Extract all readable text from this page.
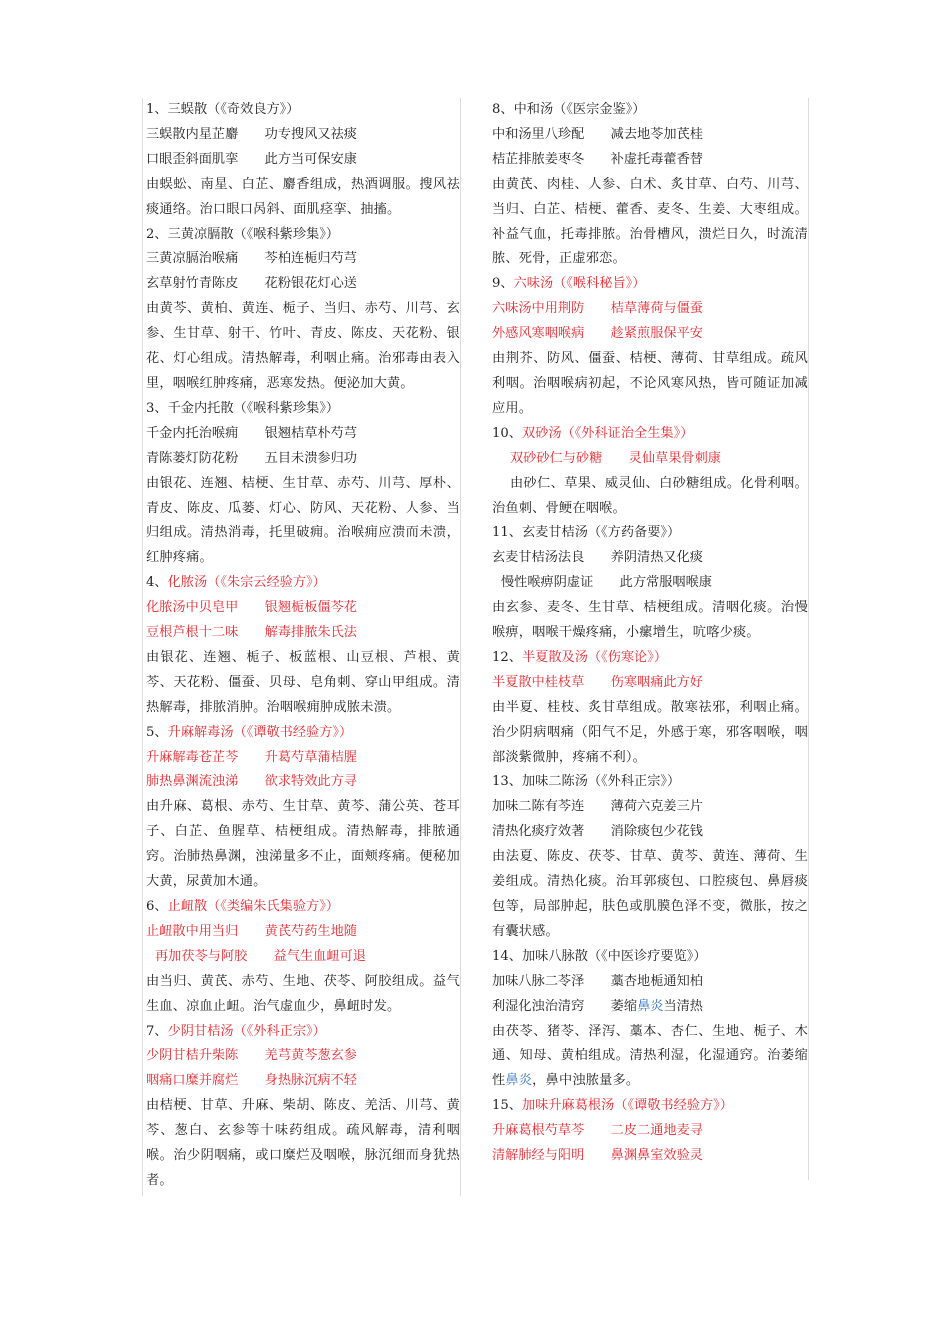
1、三蜈散（《奇效良方》）
三蜈散内星芷麝　　功专搜风又祛痰
口眼歪斜面肌挛　　此方当可保安康

由蜈蚣、南星、白芷、麝香组成，热酒调服。搜风祛痰通络。治口眼口呙斜、面肌痉挛、抽搐。

2、三黄凉膈散（《喉科紫珍集》）
三黄凉膈治喉痛　　芩柏连栀归芍芎
玄草射竹青陈皮　　花粉银花灯心送

由黄芩、黄柏、黄连、栀子、当归、赤芍、川芎、玄参、生甘草、射干、竹叶、青皮、陈皮、天花粉、银花、灯心组成。清热解毒，利咽止痛。治邪毒由表入里，咽喉红肿疼痛，恶寒发热。便泌加大黄。

3、千金内托散（《喉科紫珍集》）
千金内托治喉痈　　银翘桔草朴芍芎
青陈蒌灯防花粉　　五目未溃参归功

由银花、连翘、桔梗、生甘草、赤芍、川芎、厚朴、青皮、陈皮、瓜蒌、灯心、防风、天花粉、人参、当归组成。清热消毒，托里破痈。治喉痈应溃而未溃，红肿疼痛。

4、化脓汤（《朱宗云经验方》）
化脓汤中贝皂甲　　银翘栀板僵芩花
豆根芦根十二味　　解毒排脓朱氏法

由银花、连翘、栀子、板蓝根、山豆根、芦根、黄芩、天花粉、僵蚕、贝母、皂角刺、穿山甲组成。清热解毒，排脓消肿。治咽喉痈肿成脓未溃。

5、升麻解毒汤（《谭敬书经验方》）
升麻解毒苍芷芩　　升葛芍草蒲桔腥
肺热鼻渊流浊涕　　欲求特效此方寻

由升麻、葛根、赤芍、生甘草、黄芩、蒲公英、苍耳子、白芷、鱼腥草、桔梗组成。清热解毒，排脓通窍。治肺热鼻渊，浊涕量多不止，面颊疼痛。便秘加大黄，尿黄加木通。

6、止衄散（《类编朱氏集验方》）
止衄散中用当归　　黄芪芍药生地随
再加茯苓与阿胶　　益气生血衄可退

由当归、黄芪、赤芍、生地、茯苓、阿胶组成。益气生血、凉血止衄。治气虚血少，鼻衄时发。

7、少阴甘桔汤（《外科正宗》）
少阴甘桔升柴陈　　羌芎黄芩葱玄参
咽痛口糜并腐烂　　身热脉沉病不轻

由桔梗、甘草、升麻、柴胡、陈皮、羌活、川芎、黄芩、葱白、玄参等十味药组成。疏风解毒，清利咽喉。治少阴咽痛，或口糜烂及咽喉，脉沉细而身犹热者。

8、中和汤（《医宗金鉴》）
中和汤里八珍配　　减去地苓加芪桂
桔芷排脓姜枣冬　　补虚托毒藿香替

由黄芪、肉桂、人参、白术、炙甘草、白芍、川芎、当归、白芷、桔梗、藿香、麦冬、生姜、大枣组成。补益气血，托毒排脓。治骨槽风，溃烂日久，时流清脓、死骨，正虚邪恋。

9、六味汤（《喉科秘旨》）
六味汤中用荆防　　桔草薄荷与僵蚕
外感风寒咽喉病　　趁紧煎服保平安

由荆芥、防风、僵蚕、桔梗、薄荷、甘草组成。疏风利咽。治咽喉病初起，不论风寒风热，皆可随证加减应用。

10、双砂汤（《外科证治全生集》）
双砂砂仁与砂糖　　灵仙草果骨刺康

由砂仁、草果、威灵仙、白砂糖组成。化骨利咽。治鱼刺、骨鲠在咽喉。

11、玄麦甘桔汤（《方药备要》）
玄麦甘桔汤法良　　养阴清热又化痰
慢性喉痹阴虚证　　此方常服咽喉康

由玄参、麦冬、生甘草、桔梗组成。清咽化痰。治慢喉痹，咽喉干燥疼痛，小瘰增生，吭喀少痰。

12、半夏散及汤（《伤寒论》）
半夏散中桂枝草　　伤寒咽痛此方好

由半夏、桂枝、炙甘草组成。散寒祛邪，利咽止痛。治少阴病咽痛（阳气不足，外感于寒，邪客咽喉，咽部淡紫微肿，疼痛不利）。

13、加味二陈汤（《外科正宗》）
加味二陈有芩连　　薄荷六克姜三片
清热化痰疗效著　　消除痰包少花钱

由法夏、陈皮、茯苓、甘草、黄芩、黄连、薄荷、生姜组成。清热化痰。治耳郭痰包、口腔痰包、鼻唇痰包等，局部肿起，肤色或肌膜色泽不变，微胀，按之有囊状感。

14、加味八脉散（《中医诊疗要览》）
加味八脉二苓泽　　藁杏地栀通知柏
利湿化浊治清窍　　萎缩鼻炎当清热

由茯苓、猪苓、泽泻、藁本、杏仁、生地、栀子、木通、知母、黄柏组成。清热利湿，化湿通窍。治萎缩性鼻炎，鼻中浊脓量多。

15、加味升麻葛根汤（《谭敬书经验方》）
升麻葛根芍草芩　　二皮二通地麦寻
清解肺经与阳明　　鼻渊鼻室效验灵
